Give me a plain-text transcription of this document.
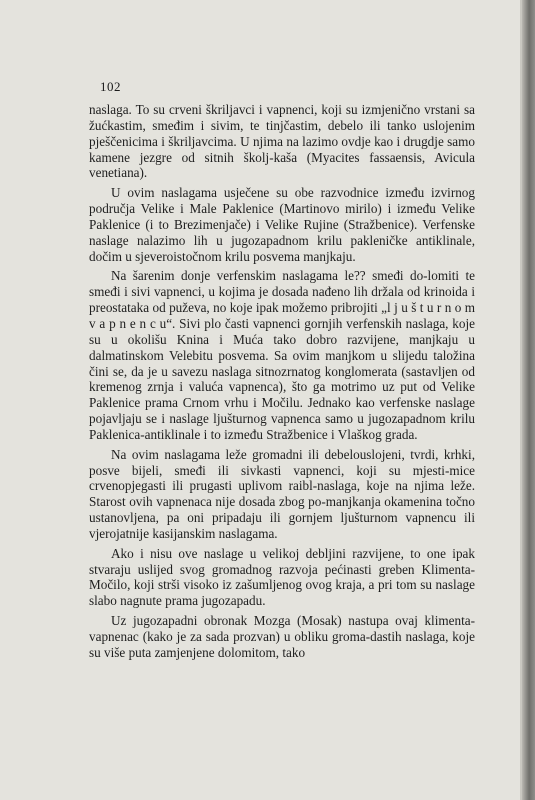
102

naslaga. To su crveni škriljavci i vapnenci, koji su izmjenično vrstani sa žućkastim, smeđim i sivim, te tinjčastim, debelo ili tanko uslojenim pješčenicima i škriljavcima. U njima na lazimo ovdje kao i drugdje samo kamene jezgre od sitnih školj-kaša (Myacites fassaensis, Avicula venetiana).

U ovim naslagama usječene su obe razvodnice između izvirnog područja Velike i Male Paklenice (Martinovo mirilo) i između Velike Paklenice (i to Brezimenjače) i Velike Rujine (Stražbenice). Verfenske naslage nalazimo lih u jugozapadnom krilu pakleničke antiklinale, dočim u sjeveroistočnom krilu posvema manjkaju.

Na šarenim donje verfenskim naslagama le?? smeđi do-lomiti te smeđi i sivi vapnenci, u kojima je dosada nađeno lih držala od krinoida i preostataka od puževa, no koje ipak možemo pribrojiti „l j u š t u r n o m v a p n e n c u“. Sivi plo časti vapnenci gornjih verfenskih naslaga, koje su u okolišu Knina i Muća tako dobro razvijene, manjkaju u dalmatinskom Velebitu posvema. Sa ovim manjkom u slijedu taložina čini se, da je u savezu naslaga sitnozrnatog konglomerata (sastavljen od kremenog zrnja i valuća vapnenca), što ga motrimo uz put od Velike Paklenice prama Crnom vrhu i Močilu. Jednako kao verfenske naslage pojavljaju se i naslage ljušturnog vapnenca samo u jugozapadnom krilu Paklenica-antiklinale i to između Stražbenice i Vlaškog grada.

Na ovim naslagama leže gromadni ili debelouslojeni, tvrdi, krhki, posve bijeli, smeđi ili sivkasti vapnenci, koji su mjesti-mice crvenopjegasti ili prugasti uplivom raibl-naslaga, koje na njima leže. Starost ovih vapnenaca nije dosada zbog po-manjkanja okamenina točno ustanovljena, pa oni pripadaju ili gornjem ljušturnom vapnencu ili vjerojatnije kasijanskim naslagama.

Ako i nisu ove naslage u velikoj debljini razvijene, to one ipak stvaraju uslijed svog gromadnog razvoja pećinasti greben Klimenta-Močilo, koji strši visoko iz zašumljenog ovog kraja, a pri tom su naslage slabo nagnute prama jugozapadu.

Uz jugozapadni obronak Mozga (Mosak) nastupa ovaj klimenta-vapnenac (kako je za sada prozvan) u obliku groma-dastih naslaga, koje su više puta zamjenjene dolomitom, tako
